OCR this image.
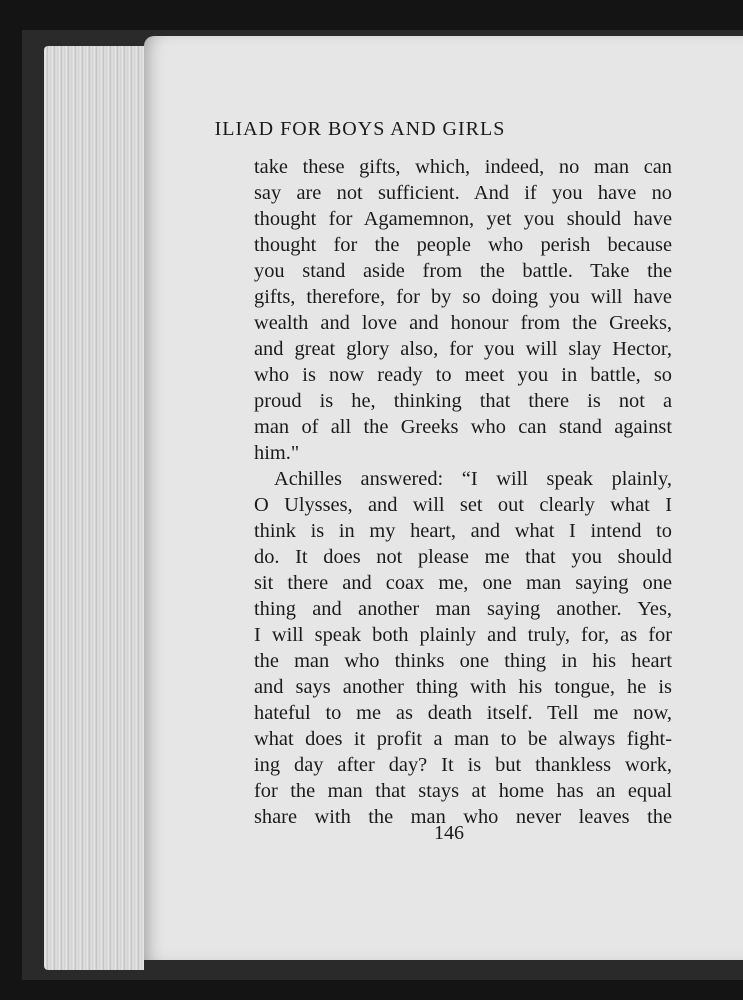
ILIAD FOR BOYS AND GIRLS
take these gifts, which, indeed, no man can
say are not sufficient. And if you have no
thought for Agamemnon, yet you should have
thought for the people who perish because
you stand aside from the battle. Take the
gifts, therefore, for by so doing you will have
wealth and love and honour from the Greeks,
and great glory also, for you will slay Hector,
who is now ready to meet you in battle, so
proud is he, thinking that there is not a
man of all the Greeks who can stand against
him."
Achilles answered: “I will speak plainly,
O Ulysses, and will set out clearly what I
think is in my heart, and what I intend to
do. It does not please me that you should
sit there and coax me, one man saying one
thing and another man saying another. Yes,
I will speak both plainly and truly, for, as for
the man who thinks one thing in his heart
and says another thing with his tongue, he is
hateful to me as death itself. Tell me now,
what does it profit a man to be always fight-
ing day after day? It is but thankless work,
for the man that stays at home has an equal
share with the man who never leaves the
146
